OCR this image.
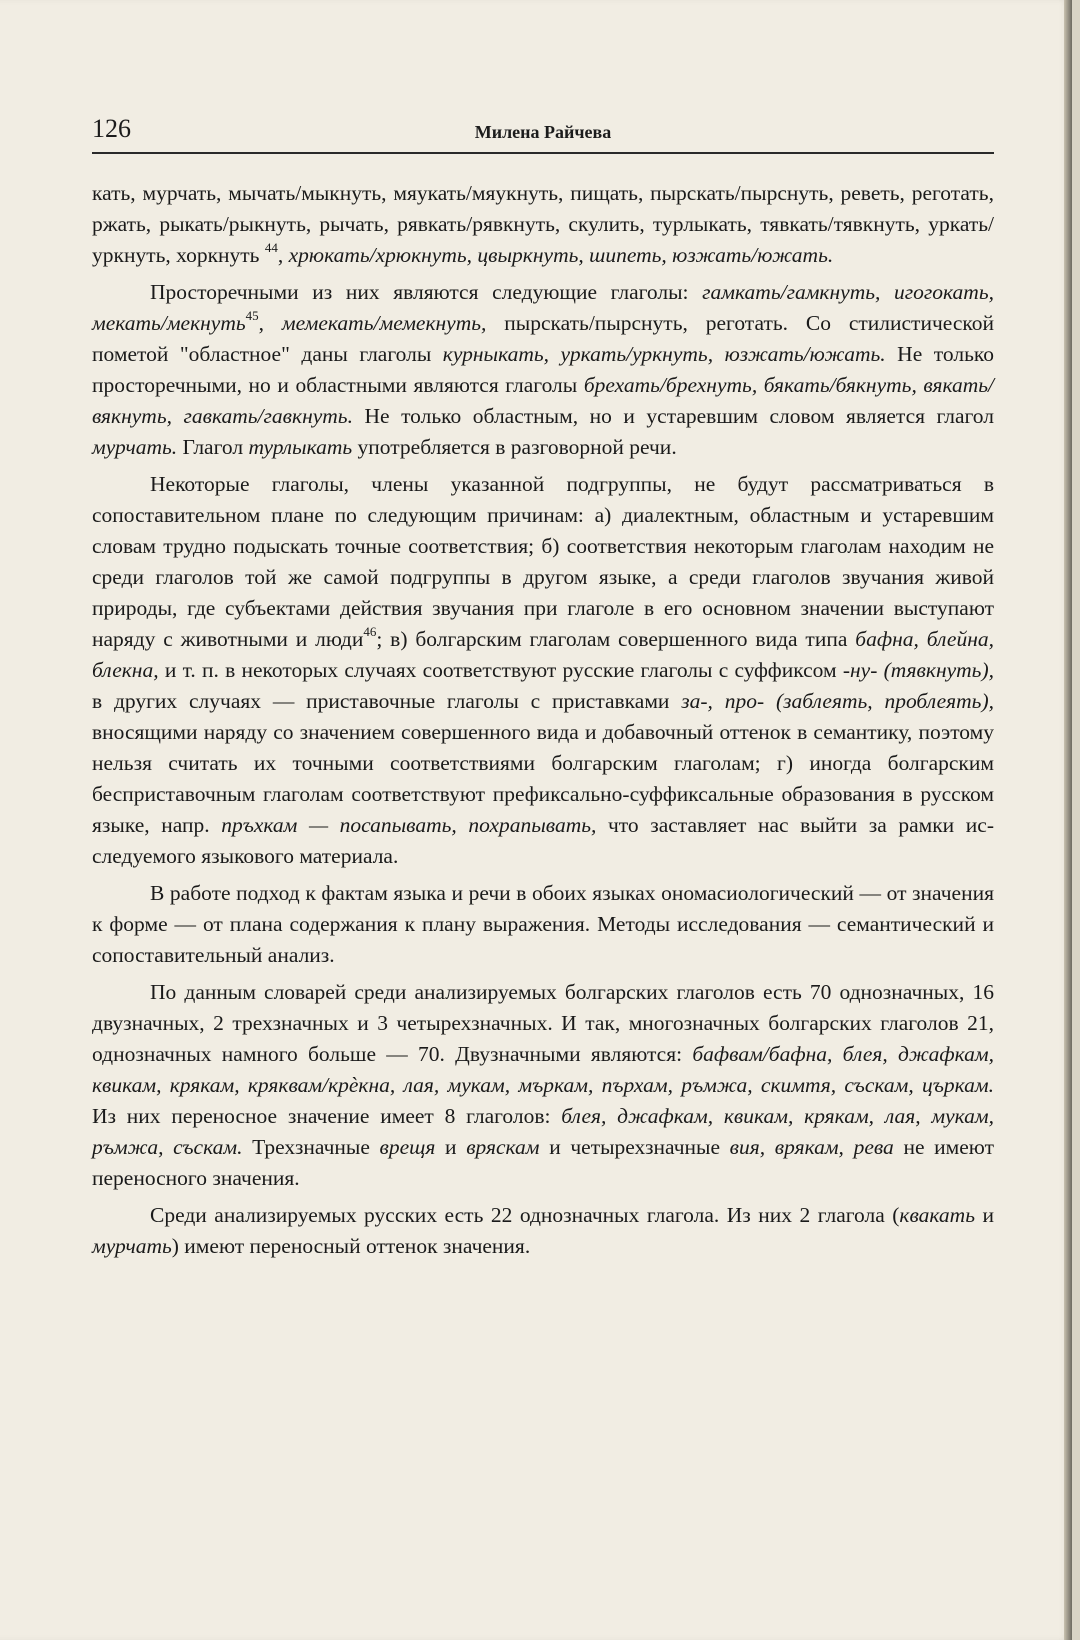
126	Милена Райчева

кать, мурчать, мычать/мыкнуть, мяукать/мяукнуть, пищать, пырскать/пырснуть, реветь, реготать, ржать, рыкать/рыкнуть, рычать, рявкать/рявкнуть, скулить, турлыкать, тявкать/тявкнуть, уркать/уркнуть, хоркнуть $^{44}$, хрюкать/хрюкнуть, цвыркнуть, шипеть, юзжать/южать.

Просторечными из них являются следующие глаголы: гамкать/гамкнуть, игогокать, мекать/мекнуть$^{45}$, мемекать/мемекнуть, пырскать/пырснуть, реготать. Со стилистической пометой "областное" даны глаголы курныкать, уркать/уркнуть, юзжать/южать. Не только просторечными, но и областными являются глаголы брехать/брехнуть, бякать/бякнуть, вякать/вякнуть, гавкать/гавкнуть. Не только областным, но и устаревшим словом является глагол мурчать. Глагол турлыкать употребляется в разговорной речи.

Некоторые глаголы, члены указанной подгруппы, не будут рассматриваться в сопоставительном плане по следующим причинам: а) диалектным, областным и устаревшим словам трудно подыскать точные соответствия; б) соответствия некоторым глаголам находим не среди глаголов той же самой подгруппы в другом языке, а среди глаголов звучания живой природы, где субъектами действия звучания при глаголе в его основном значении выступают наряду с животными и люди$^{46}$; в) болгарским глаголам совершенного вида типа бафна, блейна, блекна, и т. п. в некоторых случаях соответствуют русские глаголы с суффиксом -ну- (тявкнуть), в других случаях — приставочные глаголы с приставками за-, про- (заблеять, проблеять), вносящими наряду со значением совершенного вида и добавочный оттенок в семантику, поэтому нельзя считать их точными соответствиями болгарским глаголам; г) иногда болгарским бесприставочным глаголам соответствуют префиксально-суффиксальные образования в русском языке, напр. пръхкам — посапывать, похрапывать, что заставляет нас выйти за рамки исследуемого языкового материала.

В работе подход к фактам языка и речи в обоих языках ономасиологический — от значения к форме — от плана содержания к плану выражения. Методы исследования — семантический и сопоставительный анализ.

По данным словарей среди анализируемых болгарских глаголов есть 70 однозначных, 16 двузначных, 2 трехзначных и 3 четырехзначных. И так, многозначных болгарских глаголов 21, однозначных намного больше — 70. Двузначными являются: бафвам/бафна, блея, джафкам, квикам, крякам, кряквам/крѐкна, лая, мукам, мъркам, пърхам, ръмжа, скимтя, съскам, църкам. Из них переносное значение имеет 8 глаголов: блея, джафкам, квикам, крякам, лая, мукам, ръмжа, съскам. Трехзначные врещя и вряскам и четырехзначные вия, врякам, рева не имеют переносного значения.

Среди анализируемых русских есть 22 однозначных глагола. Из них 2 глагола (квакать и мурчать) имеют переносный оттенок значения.
